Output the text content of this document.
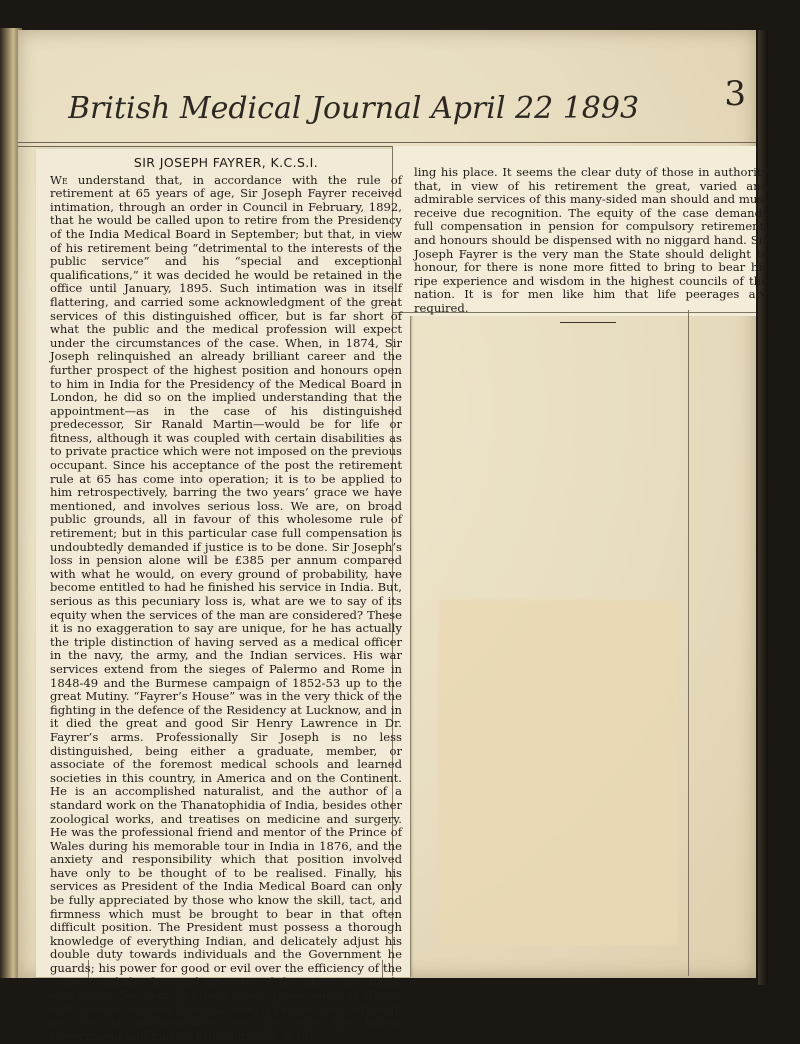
British Medical Journal April 22 1893	3
SIR JOSEPH FAYRER, K.C.S.I.

We understand that, in accordance with the rule of retirement at 65 years of age, Sir Joseph Fayrer received intimation, through an order in Council in February, 1892, that he would be called upon to retire from the Presidency of the India Medical Board in September; but that, in view of his retirement being “detrimental to the interests of the public service” and his “special and exceptional qualifications,” it was decided he would be retained in the office until January, 1895. Such intimation was in itself flattering, and carried some acknowledgment of the great services of this distinguished officer, but is far short of what the public and the medical profession will expect under the circumstances of the case. When, in 1874, Sir Joseph relinquished an already brilliant career and the further prospect of the highest position and honours open to him in India for the Presidency of the Medical Board in London, he did so on the implied understanding that the appointment—as in the case of his distinguished predecessor, Sir Ranald Martin—would be for life or fitness, although it was coupled with certain disabilities as to private practice which were not imposed on the previous occupant. Since his acceptance of the post the retirement rule at 65 has come into operation; it is to be applied to him retrospectively, barring the two years’ grace we have mentioned, and involves serious loss. We are, on broad public grounds, all in favour of this wholesome rule of retirement; but in this particular case full compensation is undoubtedly demanded if justice is to be done. Sir Joseph’s loss in pension alone will be £385 per annum compared with what he would, on every ground of probability, have become entitled to had he finished his service in India. But, serious as this pecuniary loss is, what are we to say of its equity when the services of the man are considered? These it is no exaggeration to say are unique, for he has actually the triple distinction of having served as a medical officer in the navy, the army, and the Indian services. His war services extend from the sieges of Palermo and Rome in 1848-49 and the Burmese campaign of 1852-53 up to the great Mutiny. “Fayrer’s House” was in the very thick of the fighting in the defence of the Residency at Lucknow, and in it died the great and good Sir Henry Lawrence in Dr. Fayrer’s arms. Professionally Sir Joseph is no less distinguished, being either a graduate, member, or associate of the foremost medical schools and learned societies in this country, in America and on the Continent. He is an accomplished naturalist, and the author of a standard work on the Thanatophidia of India, besides other zoological works, and treatises on medicine and surgery. He was the professional friend and mentor of the Prince of Wales during his memorable tour in India in 1876, and the anxiety and responsibility which that position involved have only to be thought of to be realised. Finally, his services as President of the India Medical Board can only be fully appreciated by those who know the skill, tact, and firmness which must be brought to bear in that often difficult position. The President must possess a thorough knowledge of everything Indian, and delicately adjust his double duty towards individuals and the Government he guards; his power for good or evil over the efficiency of the service and the financial interests of the State are simply enormous. No man has performed these onerous duties with greater success than Sir Joseph Fayrer; and, although no one is indispensable, we are sure the Indian Government will find no little difficulty in fil-

ling his place. It seems the clear duty of those in authority that, in view of his retirement the great, varied and admirable services of this many-sided man should and must receive due recognition. The equity of the case demands full compensation in pension for compulsory retirement, and honours should be dispensed with no niggard hand. Sir Joseph Fayrer is the very man the State should delight to honour, for there is none more fitted to bring to bear his ripe experience and wisdom in the highest councils of the nation. It is for men like him that life peerages are required.
